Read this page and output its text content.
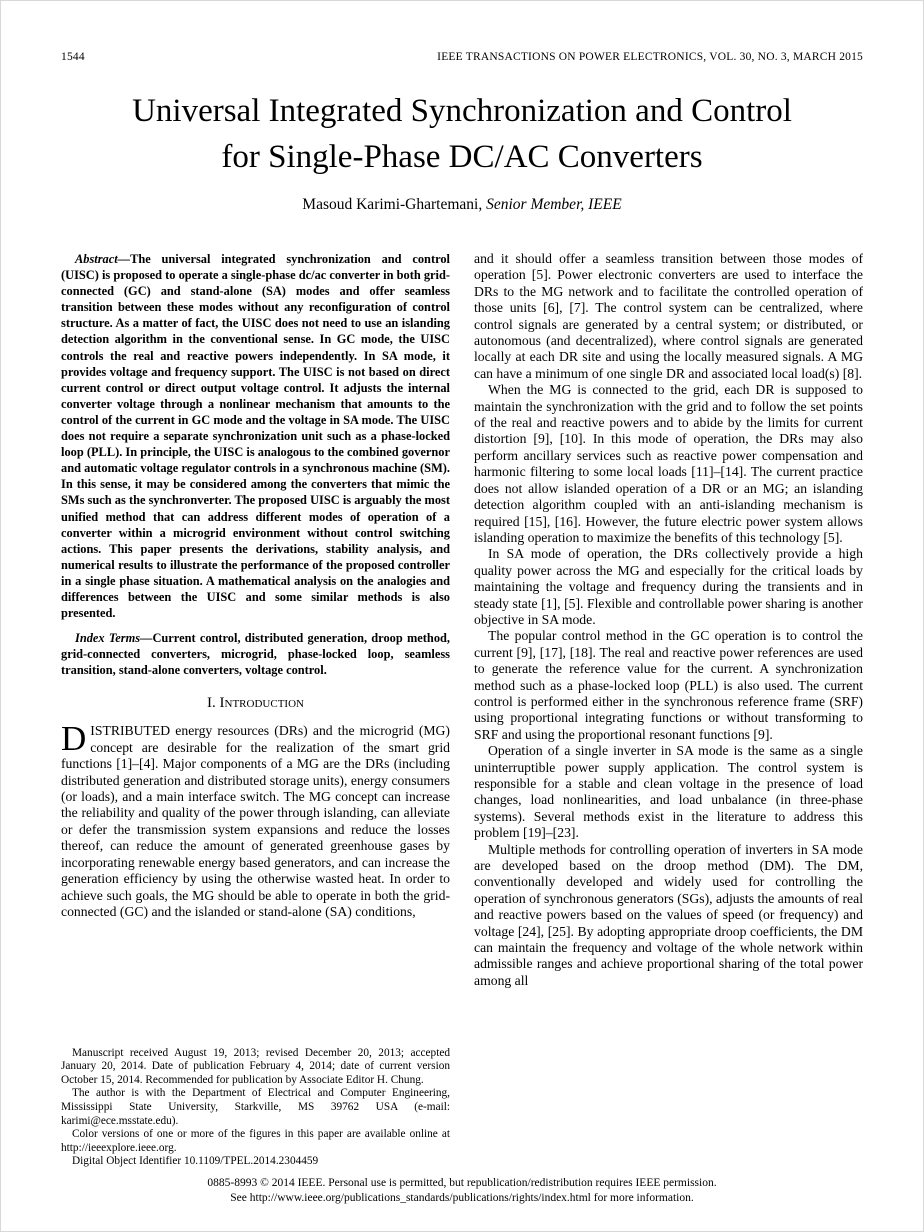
1544	IEEE TRANSACTIONS ON POWER ELECTRONICS, VOL. 30, NO. 3, MARCH 2015
Universal Integrated Synchronization and Control
for Single-Phase DC/AC Converters
Masoud Karimi-Ghartemani, Senior Member, IEEE

Abstract—The universal integrated synchronization and control (UISC) is proposed to operate a single-phase dc/ac converter in both grid-connected (GC) and stand-alone (SA) modes and offer seamless transition between these modes without any reconfiguration of control structure. As a matter of fact, the UISC does not need to use an islanding detection algorithm in the conventional sense. In GC mode, the UISC controls the real and reactive powers independently. In SA mode, it provides voltage and frequency support. The UISC is not based on direct current control or direct output voltage control. It adjusts the internal converter voltage through a nonlinear mechanism that amounts to the control of the current in GC mode and the voltage in SA mode. The UISC does not require a separate synchronization unit such as a phase-locked loop (PLL). In principle, the UISC is analogous to the combined governor and automatic voltage regulator controls in a synchronous machine (SM). In this sense, it may be considered among the converters that mimic the SMs such as the synchronverter. The proposed UISC is arguably the most unified method that can address different modes of operation of a converter within a microgrid environment without control switching actions. This paper presents the derivations, stability analysis, and numerical results to illustrate the performance of the proposed controller in a single phase situation. A mathematical analysis on the analogies and differences between the UISC and some similar methods is also presented.

Index Terms—Current control, distributed generation, droop method, grid-connected converters, microgrid, phase-locked loop, seamless transition, stand-alone converters, voltage control.

I. Introduction

DISTRIBUTED energy resources (DRs) and the microgrid (MG) concept are desirable for the realization of the smart grid functions [1]–[4]. Major components of a MG are the DRs (including distributed generation and distributed storage units), energy consumers (or loads), and a main interface switch. The MG concept can increase the reliability and quality of the power through islanding, can alleviate or defer the transmission system expansions and reduce the losses thereof, can reduce the amount of generated greenhouse gases by incorporating renewable energy based generators, and can increase the generation efficiency by using the otherwise wasted heat. In order to achieve such goals, the MG should be able to operate in both the grid-connected (GC) and the islanded or stand-alone (SA) conditions,

Manuscript received August 19, 2013; revised December 20, 2013; accepted January 20, 2014. Date of publication February 4, 2014; date of current version October 15, 2014. Recommended for publication by Associate Editor H. Chung.

The author is with the Department of Electrical and Computer Engineering, Mississippi State University, Starkville, MS 39762 USA (e-mail: karimi@ece.msstate.edu).

Color versions of one or more of the figures in this paper are available online at http://ieeexplore.ieee.org.

Digital Object Identifier 10.1109/TPEL.2014.2304459

and it should offer a seamless transition between those modes of operation [5]. Power electronic converters are used to interface the DRs to the MG network and to facilitate the controlled operation of those units [6], [7]. The control system can be centralized, where control signals are generated by a central system; or distributed, or autonomous (and decentralized), where control signals are generated locally at each DR site and using the locally measured signals. A MG can have a minimum of one single DR and associated local load(s) [8].

When the MG is connected to the grid, each DR is supposed to maintain the synchronization with the grid and to follow the set points of the real and reactive powers and to abide by the limits for current distortion [9], [10]. In this mode of operation, the DRs may also perform ancillary services such as reactive power compensation and harmonic filtering to some local loads [11]–[14]. The current practice does not allow islanded operation of a DR or an MG; an islanding detection algorithm coupled with an anti-islanding mechanism is required [15], [16]. However, the future electric power system allows islanding operation to maximize the benefits of this technology [5].

In SA mode of operation, the DRs collectively provide a high quality power across the MG and especially for the critical loads by maintaining the voltage and frequency during the transients and in steady state [1], [5]. Flexible and controllable power sharing is another objective in SA mode.

The popular control method in the GC operation is to control the current [9], [17], [18]. The real and reactive power references are used to generate the reference value for the current. A synchronization method such as a phase-locked loop (PLL) is also used. The current control is performed either in the synchronous reference frame (SRF) using proportional integrating functions or without transforming to SRF and using the proportional resonant functions [9].

Operation of a single inverter in SA mode is the same as a single uninterruptible power supply application. The control system is responsible for a stable and clean voltage in the presence of load changes, load nonlinearities, and load unbalance (in three-phase systems). Several methods exist in the literature to address this problem [19]–[23].

Multiple methods for controlling operation of inverters in SA mode are developed based on the droop method (DM). The DM, conventionally developed and widely used for controlling the operation of synchronous generators (SGs), adjusts the amounts of real and reactive powers based on the values of speed (or frequency) and voltage [24], [25]. By adopting appropriate droop coefficients, the DM can maintain the frequency and voltage of the whole network within admissible ranges and achieve proportional sharing of the total power among all

0885-8993 © 2014 IEEE. Personal use is permitted, but republication/redistribution requires IEEE permission.
See http://www.ieee.org/publications_standards/publications/rights/index.html for more information.
